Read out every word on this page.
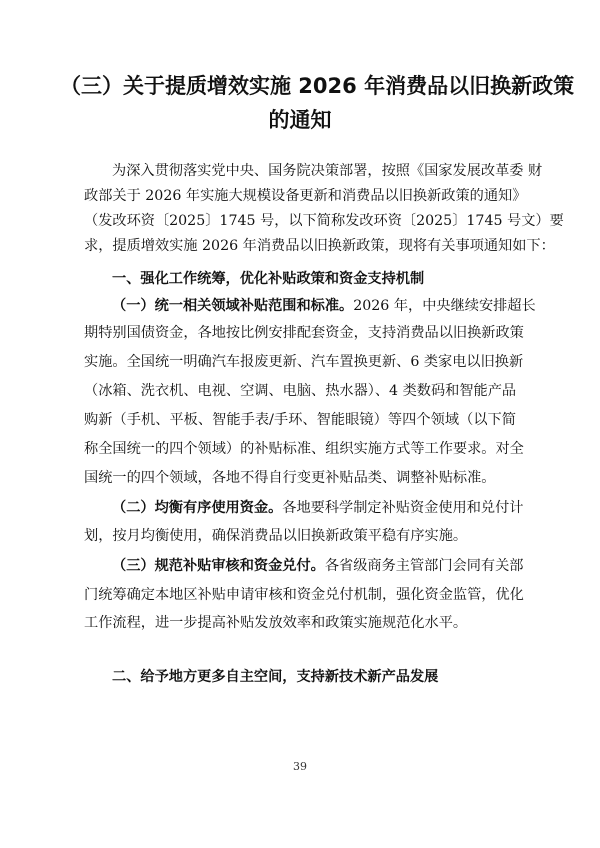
（三）关于提质增效实施 2026 年消费品以旧换新政策
的通知
为深入贯彻落实党中央、国务院决策部署，按照《国家发展改革委 财
政部关于 2026 年实施大规模设备更新和消费品以旧换新政策的通知》
（发改环资〔2025〕1745 号，以下简称发改环资〔2025〕1745 号文）要
求，提质增效实施 2026 年消费品以旧换新政策，现将有关事项通知如下：
一、强化工作统筹，优化补贴政策和资金支持机制
（一）统一相关领域补贴范围和标准。2026 年，中央继续安排超长
期特别国债资金，各地按比例安排配套资金，支持消费品以旧换新政策
实施。全国统一明确汽车报废更新、汽车置换更新、6 类家电以旧换新
（冰箱、洗衣机、电视、空调、电脑、热水器）、4 类数码和智能产品
购新（手机、平板、智能手表/手环、智能眼镜）等四个领域（以下简
称全国统一的四个领域）的补贴标准、组织实施方式等工作要求。对全
国统一的四个领域，各地不得自行变更补贴品类、调整补贴标准。
（二）均衡有序使用资金。各地要科学制定补贴资金使用和兑付计
划，按月均衡使用，确保消费品以旧换新政策平稳有序实施。
（三）规范补贴审核和资金兑付。各省级商务主管部门会同有关部
门统筹确定本地区补贴申请审核和资金兑付机制，强化资金监管，优化
工作流程，进一步提高补贴发放效率和政策实施规范化水平。
二、给予地方更多自主空间，支持新技术新产品发展
39
